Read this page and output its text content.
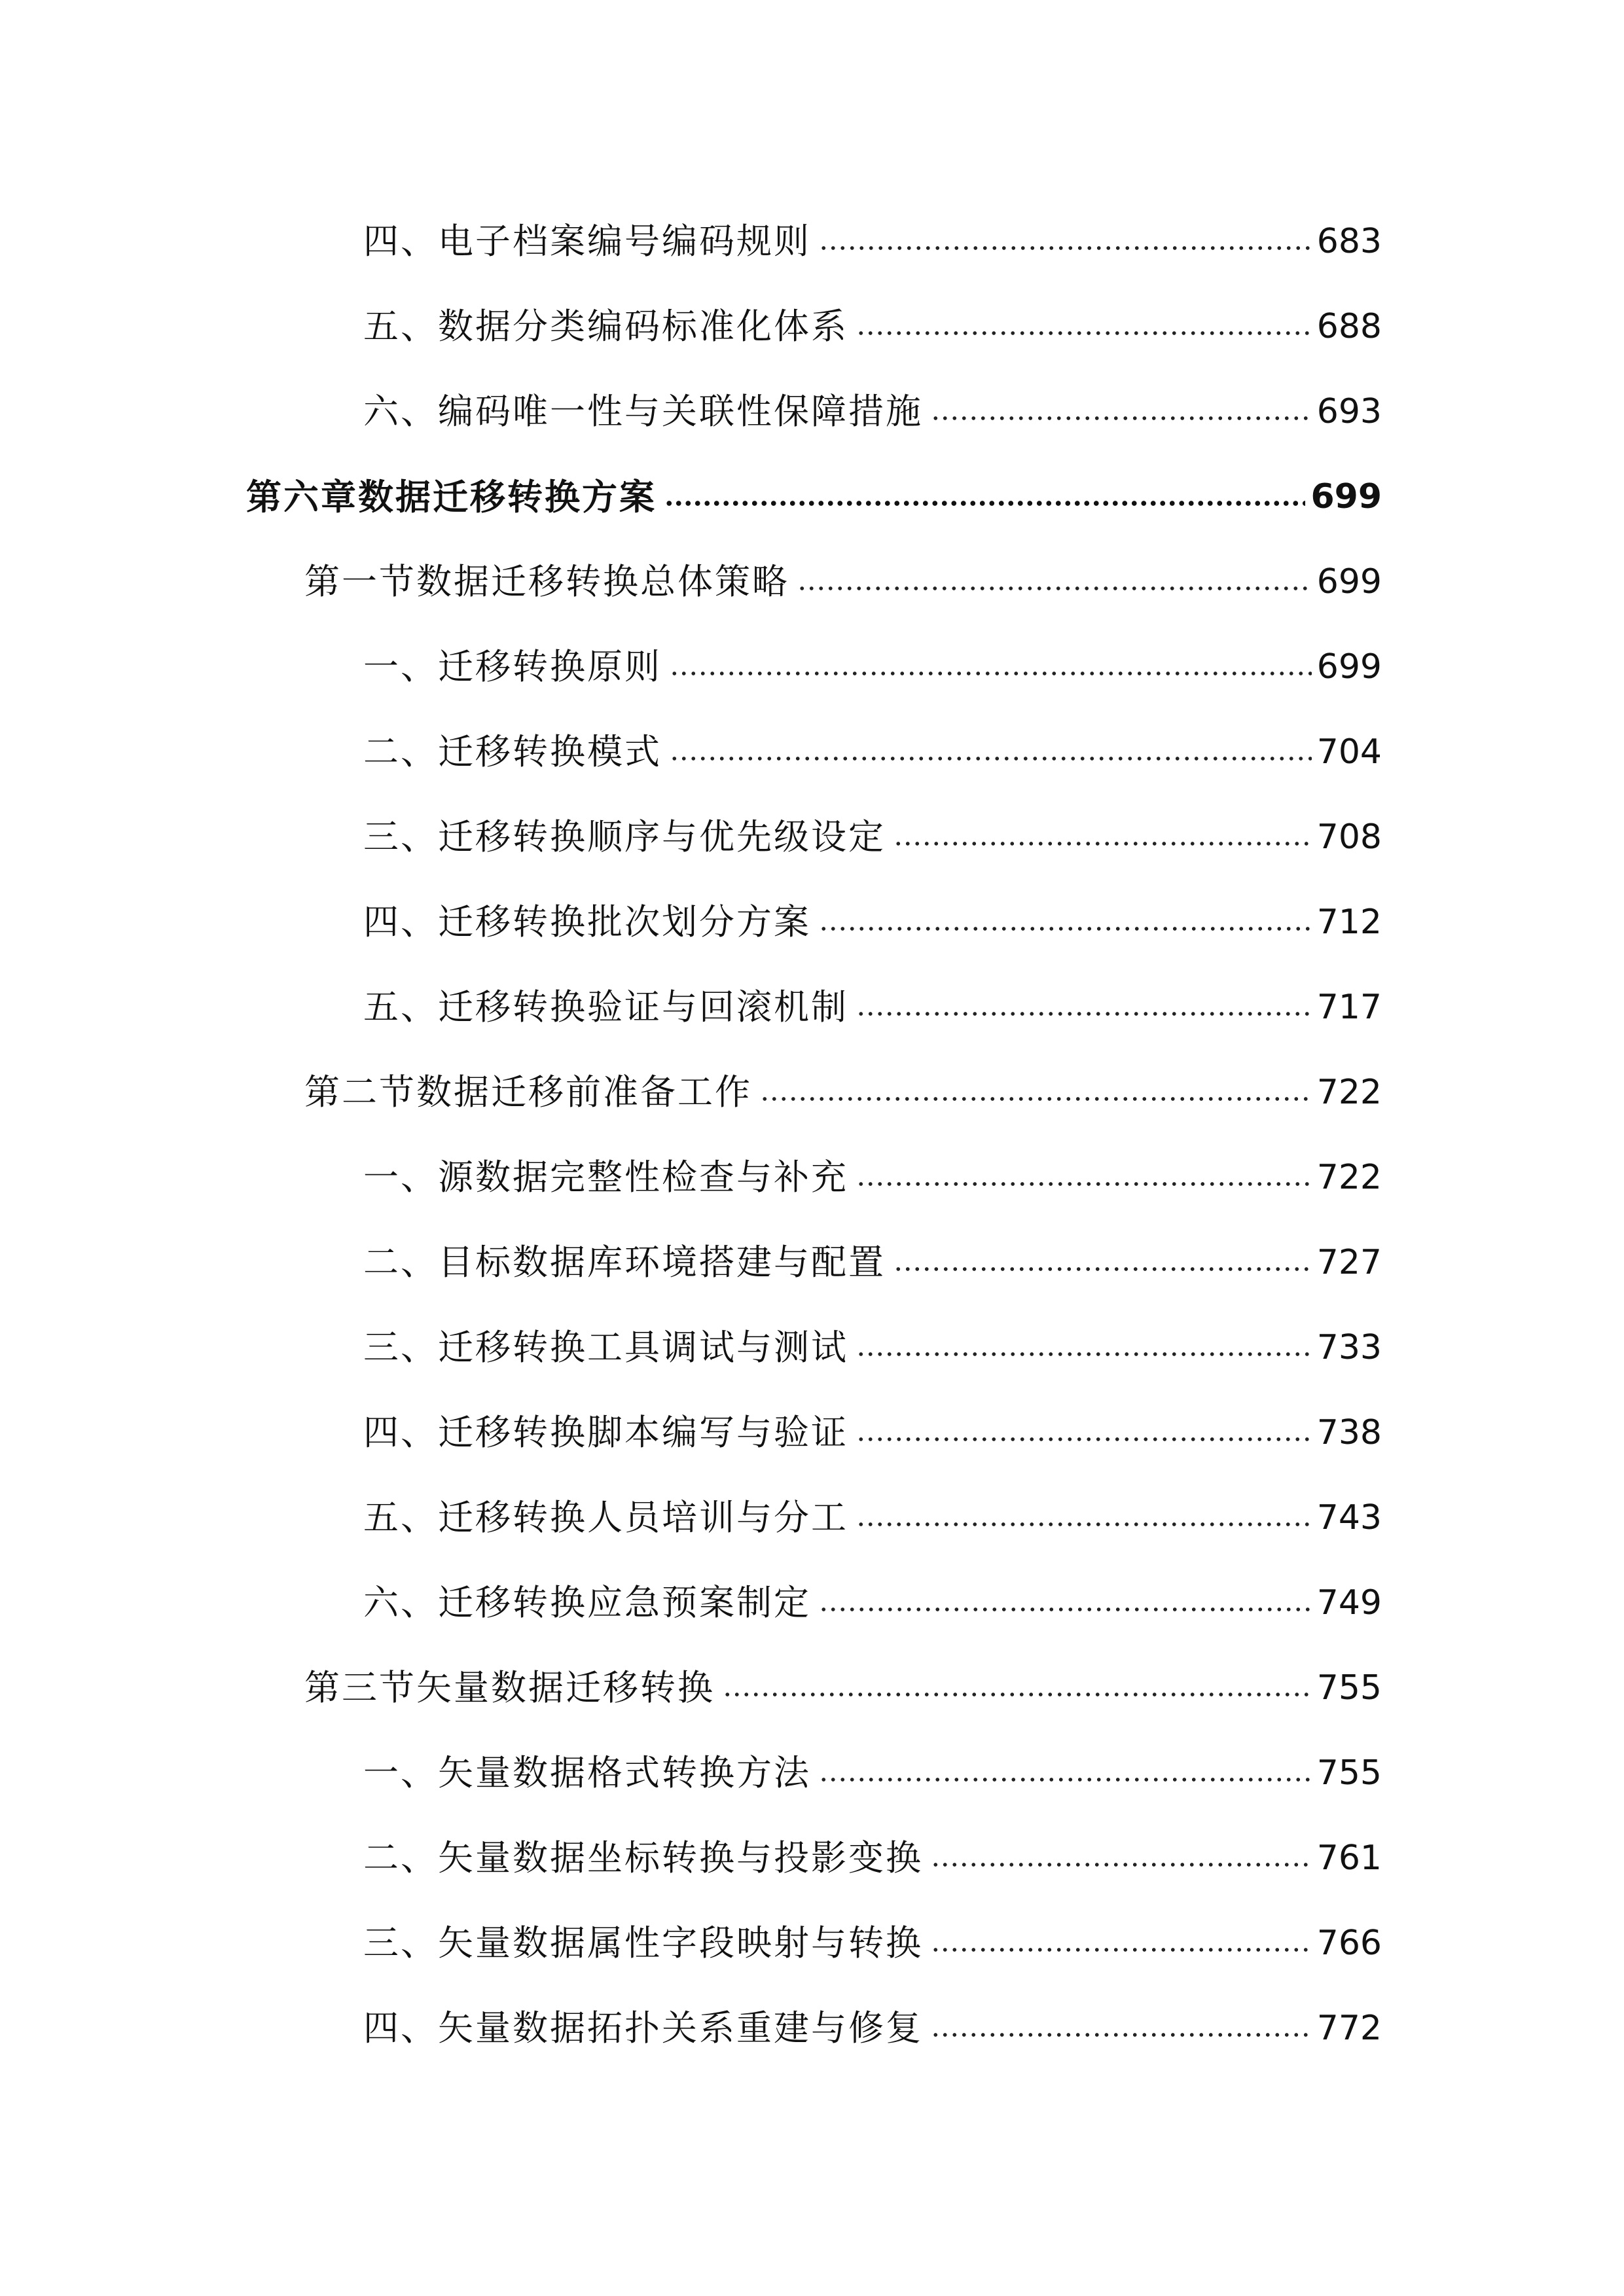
四、电子档案编号编码规则	683
五、数据分类编码标准化体系	688
六、编码唯一性与关联性保障措施	693
第六章数据迁移转换方案	699
第一节数据迁移转换总体策略	699
一、迁移转换原则	699
二、迁移转换模式	704
三、迁移转换顺序与优先级设定	708
四、迁移转换批次划分方案	712
五、迁移转换验证与回滚机制	717
第二节数据迁移前准备工作	722
一、源数据完整性检查与补充	722
二、目标数据库环境搭建与配置	727
三、迁移转换工具调试与测试	733
四、迁移转换脚本编写与验证	738
五、迁移转换人员培训与分工	743
六、迁移转换应急预案制定	749
第三节矢量数据迁移转换	755
一、矢量数据格式转换方法	755
二、矢量数据坐标转换与投影变换	761
三、矢量数据属性字段映射与转换	766
四、矢量数据拓扑关系重建与修复	772
